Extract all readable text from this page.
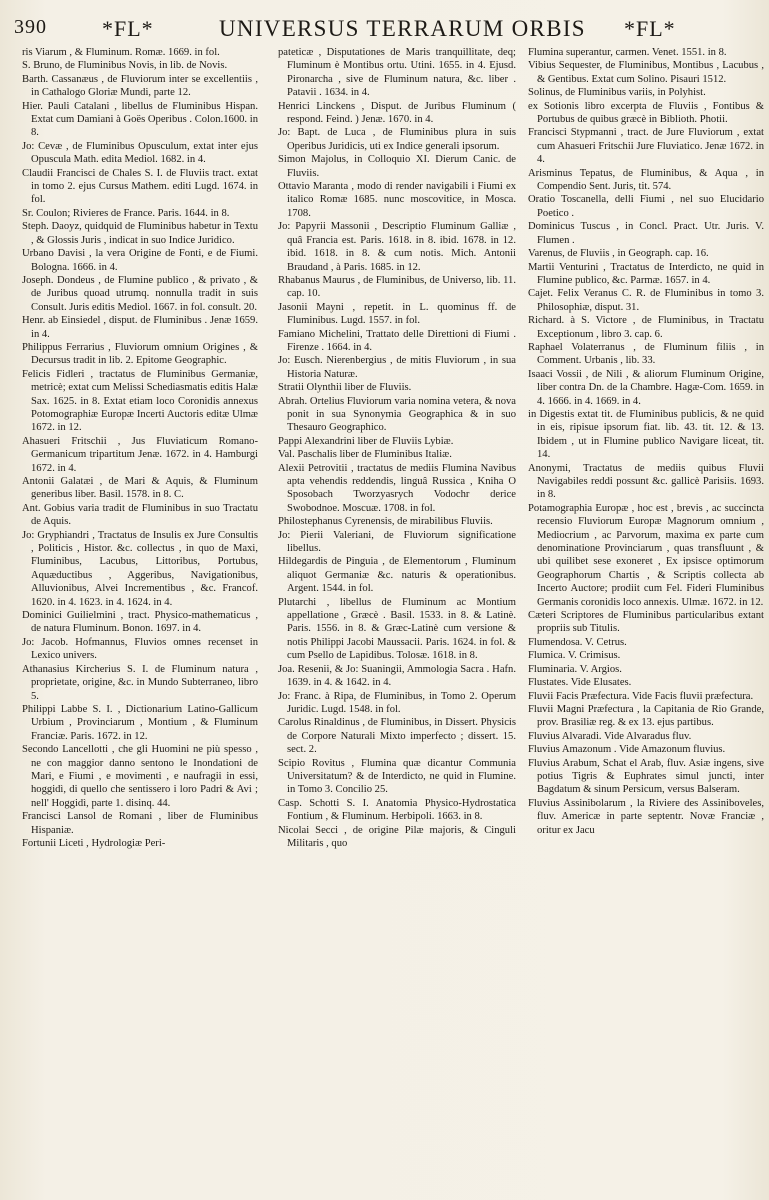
390	*FL*	UNIVERSUS TERRARUM ORBIS *FL*
ris Viarum , & Fluminum. Romæ. 1669. in fol.
S. Bruno, de Fluminibus Novis, in lib. de Novis.
Barth. Cassanæus , de Fluviorum inter se excellentiis , in Cathalogo Gloriæ Mundi, parte 12.
Hier. Pauli Catalani , libellus de Fluminibus Hispan. Extat cum Damiani à Goës Operibus . Colon.1600. in 8.
Jo: Cevæ , de Fluminibus Opusculum, extat inter ejus Opuscula Math. edita Mediol. 1682. in 4.
Claudii Francisci de Chales S. I. de Fluviis tract. extat in tomo 2. ejus Cursus Mathem. editi Lugd. 1674. in fol.
Sr. Coulon; Rivieres de France. Paris. 1644. in 8.
Steph. Daoyz, quidquid de Fluminibus habetur in Textu , & Glossis Juris , indicat in suo Indice Juridico.
Urbano Davisi , la vera Origine de Fonti, e de Fiumi. Bologna. 1666. in 4.
Joseph. Dondeus , de Flumine publico , & privato , & de Juribus quoad utrumq. nonnulla tradit in suis Consult. Juris editis Mediol. 1667. in fol. consult. 20.
Henr. ab Einsiedel , disput. de Fluminibus . Jenæ 1659. in 4.
Philippus Ferrarius , Fluviorum omnium Origines , & Decursus tradit in lib. 2. Epitome Geographic.
Felicis Fidleri , tractatus de Fluminibus Germaniæ, metricè; extat cum Melissi Schediasmatis editis Halæ Sax. 1625. in 8. Extat etiam loco Coronidis annexus Potomographiæ Europæ Incerti Auctoris editæ Ulmæ 1672. in 12.
Ahasueri Fritschii , Jus Fluviaticum Romano-Germanicum tripartitum Jenæ. 1672. in 4. Hamburgi 1672. in 4.
Antonii Galatæi , de Mari & Aquis, & Fluminum generibus liber. Basil. 1578. in 8. C.
Ant. Gobius varia tradit de Fluminibus in suo Tractatu de Aquis.
Jo: Gryphiandri , Tractatus de Insulis ex Jure Consultis , Politicis , Histor. &c. collectus , in quo de Maxi, Fluminibus, Lacubus, Littoribus, Portubus, Aquæductibus , Aggeribus, Navigationibus, Alluvionibus, Alvei Incrementibus , &c. Francof. 1620. in 4. 1623. in 4. 1624. in 4.
Dominici Guilielmini , tract. Physico-mathematicus , de natura Fluminum. Bonon. 1697. in 4.
Jo: Jacob. Hofmannus, Fluvios omnes recenset in Lexico univers.
Athanasius Kircherius S. I. de Fluminum natura , proprietate, origine, &c. in Mundo Subterraneo, libro 5.
Philippi Labbe S. I. , Dictionarium Latino-Gallicum Urbium , Provinciarum , Montium , & Fluminum Franciæ. Paris. 1672. in 12.
Secondo Lancellotti , che gli Huomini ne più spesso , ne con maggior danno sentono le Inondationi de Mari, e Fiumi , e movimenti , e naufragii in essi, hoggidì, di quello che sentissero i loro Padri & Avi ; nell' Hoggidì, parte 1. disinq. 44.
Francisci Lansol de Romani , liber de Fluminibus Hispaniæ.
Fortunii Liceti , Hydrologiæ Peri-
pateticæ , Disputationes de Maris tranquillitate, deq; Fluminum è Montibus ortu. Utini. 1655. in 4. Ejusd. Pironarcha , sive de Fluminum natura, &c. liber . Patavii . 1634. in 4.
Henrici Linckens , Disput. de Juribus Fluminum ( respond. Feind. ) Jenæ. 1670. in 4.
Jo: Bapt. de Luca , de Fluminibus plura in suis Operibus Juridicis, uti ex Indice generali ipsorum.
Simon Majolus, in Colloquio XI. Dierum Canic. de Fluviis.
Ottavio Maranta , modo di render navigabili i Fiumi ex italico Romæ 1685. nunc moscovitice, in Mosca. 1708.
Jo: Papyrii Massonii , Descriptio Fluminum Galliæ , quâ Francia est. Paris. 1618. in 8. ibid. 1678. in 12. ibid. 1618. in 8. & cum notis. Mich. Antonii Braudand , à Paris. 1685. in 12.
Rhabanus Maurus , de Fluminibus, de Universo, lib. 11. cap. 10.
Jasonii Mayni , repetit. in L. quominus ff. de Fluminibus. Lugd. 1557. in fol.
Famiano Michelini, Trattato delle Direttioni di Fiumi . Firenze . 1664. in 4.
Jo: Eusch. Nierenbergius , de mitis Fluviorum , in sua Historia Naturæ.
Stratii Olynthii liber de Fluviis.
Abrah. Ortelius Fluviorum varia nomina vetera, & nova ponit in sua Synonymia Geographica & in suo Thesauro Geographico.
Pappi Alexandrini liber de Fluviis Lybiæ.
Val. Paschalis liber de Fluminibus Italiæ.
Alexii Petrovitii , tractatus de mediis Flumina Navibus apta vehendis reddendis, linguâ Russica , Kniha O Sposobach Tworzyasrych Vodochr derice Swobodnoe. Moscuæ. 1708. in fol.
Philostephanus Cyrenensis, de mirabilibus Fluviis.
Jo: Pierii Valeriani, de Fluviorum significatione libellus.
Hildegardis de Pinguia , de Elementorum , Fluminum aliquot Germaniæ &c. naturis & operationibus. Argent. 1544. in fol.
Plutarchi , libellus de Fluminum ac Montium appellatione , Græcè . Basil. 1533. in 8. & Latinè. Paris. 1556. in 8. & Græc-Latinè cum versione & notis Philippi Jacobi Maussacii. Paris. 1624. in fol. & cum Psello de Lapidibus. Tolosæ. 1618. in 8.
Joa. Resenii, & Jo: Suaningii, Ammologia Sacra . Hafn. 1639. in 4. & 1642. in 4.
Jo: Franc. à Ripa, de Fluminibus, in Tomo 2. Operum Juridic. Lugd. 1548. in fol.
Carolus Rinaldinus , de Fluminibus, in Dissert. Physicis de Corpore Naturali Mixto imperfecto ; dissert. 15. sect. 2.
Scipio Rovitus , Flumina quæ dicantur Communia Universitatum? & de Interdicto, ne quid in Flumine. in Tomo 3. Concilio 25.
Casp. Schotti S. I. Anatomia Physico-Hydrostatica Fontium , & Fluminum. Herbipoli. 1663. in 8.
Nicolai Secci , de origine Pilæ majoris, & Cinguli Militaris , quo
Flumina superantur, carmen. Venet. 1551. in 8.
Vibius Sequester, de Fluminibus, Montibus , Lacubus , & Gentibus. Extat cum Solino. Pisauri 1512.
Solinus, de Fluminibus variis, in Polyhist.
ex Sotionis libro excerpta de Fluviis , Fontibus & Portubus de quibus græcè in Biblioth. Photii.
Francisci Stypmanni , tract. de Jure Fluviorum , extat cum Ahasueri Fritschii Jure Fluviatico. Jenæ 1672. in 4.
Arisminus Tepatus, de Fluminibus, & Aqua , in Compendio Sent. Juris, tit. 574.
Oratio Toscanella, delli Fiumi , nel suo Elucidario Poetico .
Dominicus Tuscus , in Concl. Pract. Utr. Juris. V. Flumen .
Varenus, de Fluviis , in Geograph. cap. 16.
Martii Venturini , Tractatus de Interdicto, ne quid in Flumine publico, &c. Parmæ. 1657. in 4.
Cajet. Felix Veranus C. R. de Fluminibus in tomo 3. Philosophiæ, disput. 31.
Richard. à S. Victore , de Fluminibus, in Tractatu Exceptionum , libro 3. cap. 6.
Raphael Volaterranus , de Fluminum filiis , in Comment. Urbanis , lib. 33.
Isaaci Vossii , de Nili , & aliorum Fluminum Origine, liber contra Dn. de la Chambre. Hagæ-Com. 1659. in 4. 1666. in 4. 1669. in 4.
in Digestis extat tit. de Fluminibus publicis, & ne quid in eis, ripisue ipsorum fiat. lib. 43. tit. 12. & 13. Ibidem , ut in Flumine publico Navigare liceat, tit. 14.
Anonymi, Tractatus de mediis quibus Fluvii Navigabiles reddi possunt &c. gallicè Parisiis. 1693. in 8.
Potamographia Europæ , hoc est , brevis , ac succincta recensio Fluviorum Europæ Magnorum omnium , Mediocrium , ac Parvorum, maxima ex parte cum denominatione Provinciarum , quas transfluunt , & ubi quilibet sese exoneret , Ex ipsisce optimorum Geographorum Chartis , & Scriptis collecta ab Incerto Auctore; prodiit cum Fel. Fideri Fluminibus Germanis coronidis loco annexis. Ulmæ. 1672. in 12.
Cæteri Scriptores de Fluminibus particularibus extant propriis sub Titulis.
Flumendosa. V. Cetrus.
Flumica. V. Crimisus.
Fluminaria. V. Argios.
Flustates. Vide Elusates.
Fluvii Facis Præfectura. Vide Facis fluvii præfectura.
Fluvii Magni Præfectura , la Capitania de Rio Grande, prov. Brasiliæ reg. & ex 13. ejus partibus.
Fluvius Alvaradi. Vide Alvaradus fluv.
Fluvius Amazonum . Vide Amazonum fluvius.
Fluvius Arabum, Schat el Arab, fluv. Asiæ ingens, sive potius Tigris & Euphrates simul juncti, inter Bagdatum & sinum Persicum, versus Balseram.
Fluvius Assinibolarum , la Riviere des Assiniboveles, fluv. Americæ in parte septentr. Novæ Franciæ , oritur ex Jacu
